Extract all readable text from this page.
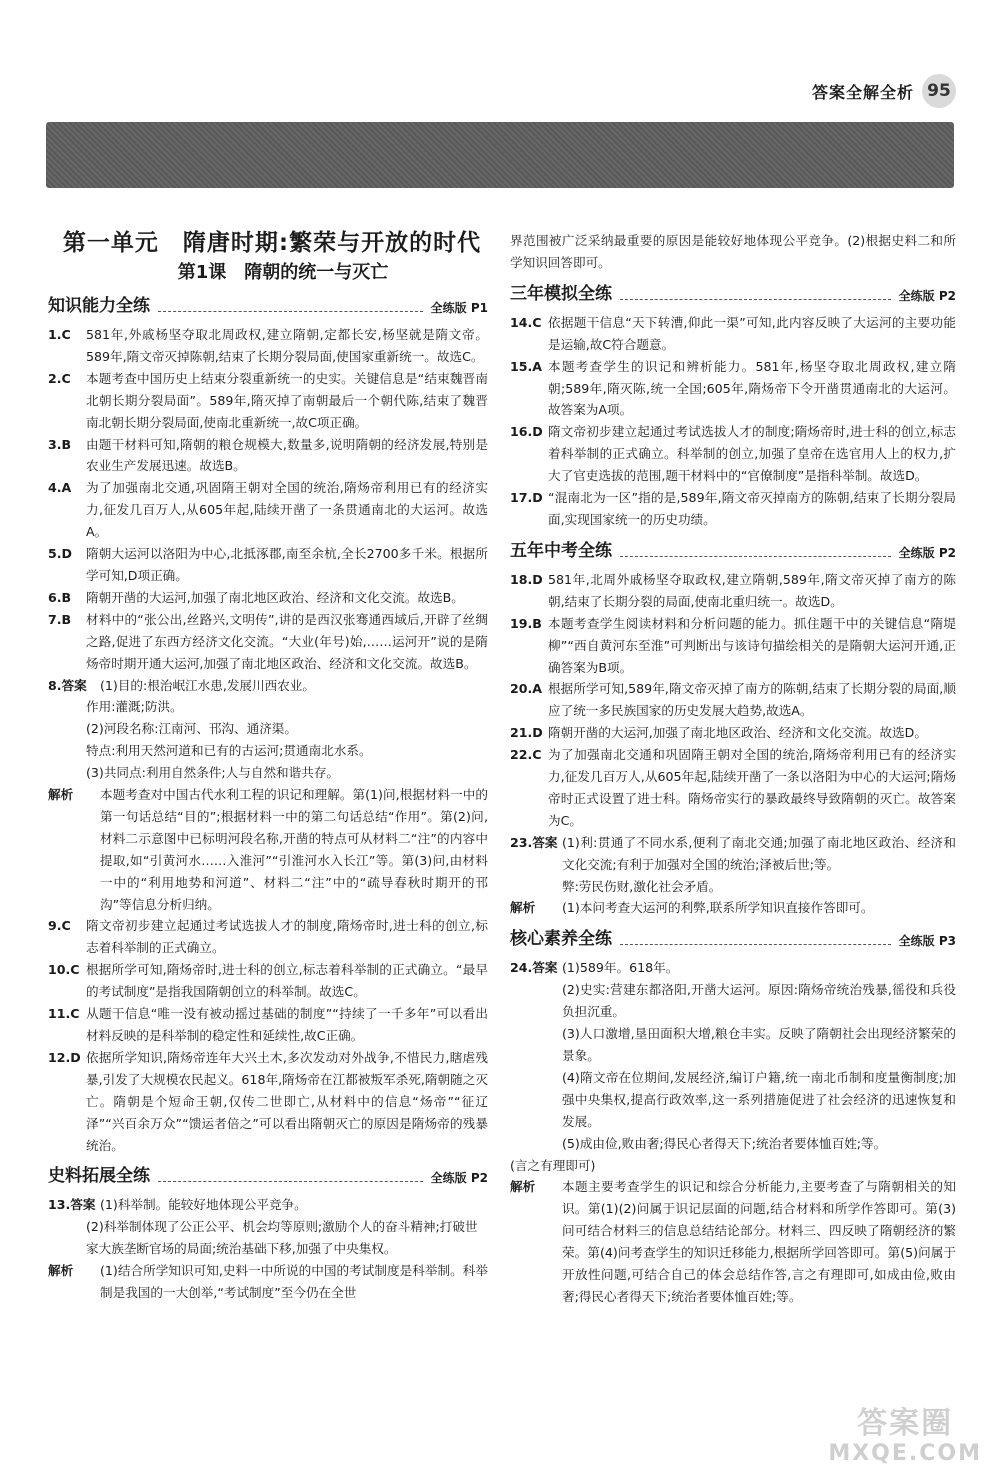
答案全解全析 95
第一单元　隋唐时期:繁荣与开放的时代
第1课　隋朝的统一与灭亡
知识能力全练	全练版 P1
1.C	581年,外戚杨坚夺取北周政权,建立隋朝,定都长安,杨坚就是隋文帝。589年,隋文帝灭掉陈朝,结束了长期分裂局面,使国家重新统一。故选C。
2.C	本题考查中国历史上结束分裂重新统一的史实。关键信息是“结束魏晋南北朝长期分裂局面”。589年,隋灭掉了南朝最后一个朝代陈,结束了魏晋南北朝长期分裂局面,使南北重新统一,故C项正确。
3.B	由题干材料可知,隋朝的粮仓规模大,数量多,说明隋朝的经济发展,特别是农业生产发展迅速。故选B。
4.A	为了加强南北交通,巩固隋王朝对全国的统治,隋炀帝利用已有的经济实力,征发几百万人,从605年起,陆续开凿了一条贯通南北的大运河。故选A。
5.D	隋朝大运河以洛阳为中心,北抵涿郡,南至余杭,全长2700多千米。根据所学可知,D项正确。
6.B	隋朝开凿的大运河,加强了南北地区政治、经济和文化交流。故选B。
7.B	材料中的“张公出,丝路兴,文明传”,讲的是西汉张骞通西域后,开辟了丝绸之路,促进了东西方经济文化交流。“大业(年号)始,……运河开”说的是隋炀帝时期开通大运河,加强了南北地区政治、经济和文化交流。故选B。
8.答案	(1)目的:根治岷江水患,发展川西农业。
作用:灌溉;防洪。
(2)河段名称:江南河、邗沟、通济渠。
特点:利用天然河道和已有的古运河;贯通南北水系。
(3)共同点:利用自然条件;人与自然和谐共存。
解析	本题考查对中国古代水利工程的识记和理解。第(1)问,根据材料一中的第一句话总结“目的”;根据材料一中的第二句话总结“作用”。第(2)问,材料二示意图中已标明河段名称,开凿的特点可从材料二“注”的内容中提取,如“引黄河水……入淮河”“引淮河水入长江”等。第(3)问,由材料一中的“利用地势和河道”、材料二“注”中的“疏导春秋时期开的邗沟”等信息分析归纳。
9.C	隋文帝初步建立起通过考试选拔人才的制度,隋炀帝时,进士科的创立,标志着科举制的正式确立。
10.C 根据所学可知,隋炀帝时,进士科的创立,标志着科举制的正式确立。“最早的考试制度”是指我国隋朝创立的科举制。故选C。
11.C 从题干信息“唯一没有被动摇过基础的制度”“持续了一千多年”可以看出材料反映的是科举制的稳定性和延续性,故C正确。
12.D 依据所学知识,隋炀帝连年大兴土木,多次发动对外战争,不惜民力,瞎虐残暴,引发了大规模农民起义。618年,隋炀帝在江都被叛军杀死,隋朝随之灭亡。隋朝是个短命王朝,仅传二世即亡,从材料中的信息“炀帝”“征辽泽”“兴百余万众”“馈运者倍之”可以看出隋朝灭亡的原因是隋炀帝的残暴统治。
史料拓展全练	全练版 P2
13.答案 (1)科举制。能较好地体现公平竞争。
(2)科举制体现了公正公平、机会均等原则;激励个人的奋斗精神;打破世家大族垄断官场的局面;统治基础下移,加强了中央集权。
解析	(1)结合所学知识可知,史料一中所说的中国的考试制度是科举制。科举制是我国的一大创举,“考试制度”至今仍在全世
界范围被广泛采纳最重要的原因是能较好地体现公平竞争。(2)根据史料二和所学知识回答即可。
三年模拟全练	全练版 P2
14.C 依据题干信息“天下转漕,仰此一渠”可知,此内容反映了大运河的主要功能是运输,故C符合题意。
15.A 本题考查学生的识记和辨析能力。581年,杨坚夺取北周政权,建立隋朝;589年,隋灭陈,统一全国;605年,隋炀帝下令开凿贯通南北的大运河。故答案为A项。
16.D 隋文帝初步建立起通过考试选拔人才的制度;隋炀帝时,进士科的创立,标志着科举制的正式确立。科举制的创立,加强了皇帝在选官用人上的权力,扩大了官吏选拔的范围,题干材料中的“官僚制度”是指科举制。故选D。
17.D “混南北为一区”指的是,589年,隋文帝灭掉南方的陈朝,结束了长期分裂局面,实现国家统一的历史功绩。
五年中考全练	全练版 P2
18.D 581年,北周外戚杨坚夺取政权,建立隋朝,589年,隋文帝灭掉了南方的陈朝,结束了长期分裂的局面,使南北重归统一。故选D。
19.B 本题考查学生阅读材料和分析问题的能力。抓住题干中的关键信息“隋堤柳”“西自黄河东至淮”可判断出与该诗句描绘相关的是隋朝大运河开通,正确答案为B项。
20.A 根据所学可知,589年,隋文帝灭掉了南方的陈朝,结束了长期分裂的局面,顺应了统一多民族国家的历史发展大趋势,故选A。
21.D 隋朝开凿的大运河,加强了南北地区政治、经济和文化交流。故选D。
22.C 为了加强南北交通和巩固隋王朝对全国的统治,隋炀帝利用已有的经济实力,征发几百万人,从605年起,陆续开凿了一条以洛阳为中心的大运河;隋炀帝时正式设置了进士科。隋炀帝实行的暴政最终导致隋朝的灭亡。故答案为C。
23.答案 (1)利:贯通了不同水系,便利了南北交通;加强了南北地区政治、经济和文化交流;有利于加强对全国的统治;泽被后世;等。
弊:劳民伤财,激化社会矛盾。
解析	(1)本问考查大运河的利弊,联系所学知识直接作答即可。
核心素养全练	全练版 P3
24.答案 (1)589年。618年。
(2)史实:营建东都洛阳,开凿大运河。原因:隋炀帝统治残暴,徭役和兵役负担沉重。
(3)人口激增,垦田面积大增,粮仓丰实。反映了隋朝社会出现经济繁荣的景象。
(4)隋文帝在位期间,发展经济,编订户籍,统一南北币制和度量衡制度;加强中央集权,提高行政效率,这一系列措施促进了社会经济的迅速恢复和发展。
(5)成由俭,败由奢;得民心者得天下;统治者要体恤百姓;等。
(言之有理即可)
解析	本题主要考查学生的识记和综合分析能力,主要考查了与隋朝相关的知识。第(1)(2)问属于识记层面的问题,结合材料和所学作答即可。第(3)问可结合材料三的信息总结结论部分。材料三、四反映了隋朝经济的繁荣。第(4)问考查学生的知识迁移能力,根据所学回答即可。第(5)问属于开放性问题,可结合自己的体会总结作答,言之有理即可,如成由俭,败由奢;得民心者得天下;统治者要体恤百姓;等。
答案圈
MXQE.COM
